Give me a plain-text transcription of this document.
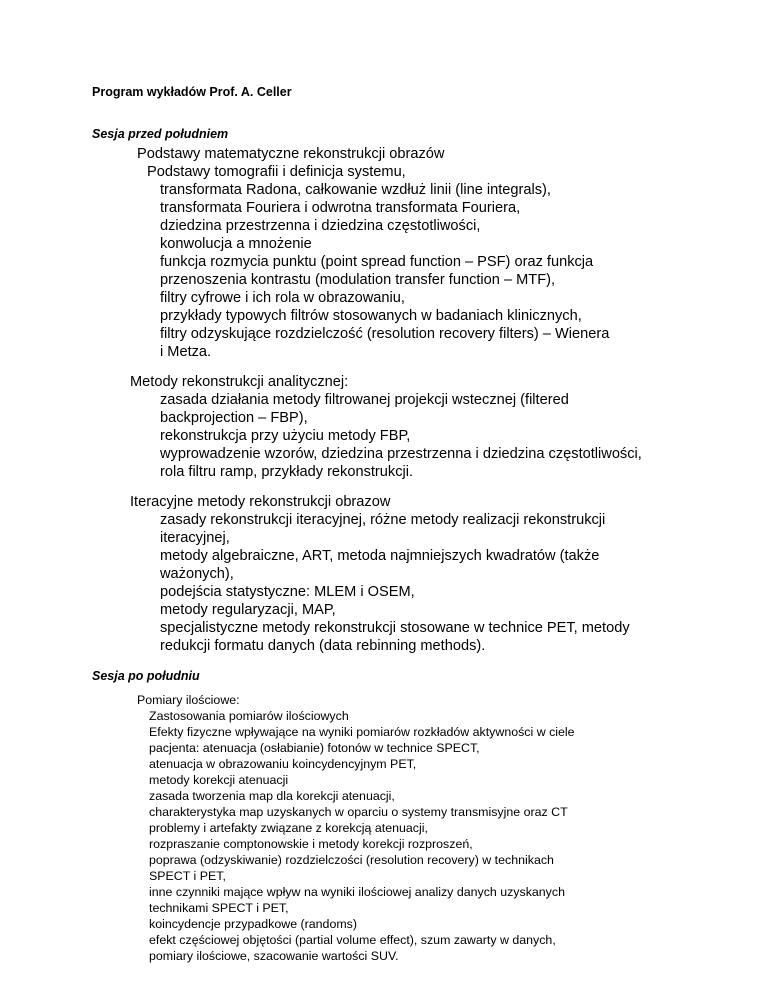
Program wykładów Prof. A. Celler
Sesja przed południem
Podstawy matematyczne rekonstrukcji obrazów
Podstawy tomografii i definicja systemu,
transformata Radona, całkowanie wzdłuż linii (line integrals),
transformata Fouriera i odwrotna transformata Fouriera,
dziedzina przestrzenna i dziedzina częstotliwości,
konwolucja a mnożenie
funkcja rozmycia punktu (point spread function – PSF) oraz funkcja
przenoszenia kontrastu (modulation transfer function – MTF),
filtry cyfrowe i ich rola w obrazowaniu,
przykłady typowych filtrów stosowanych w badaniach klinicznych,
filtry odzyskujące rozdzielczość (resolution recovery filters) – Wienera
i Metza.
Metody rekonstrukcji analitycznej:
zasada działania metody filtrowanej projekcji wstecznej (filtered
backprojection – FBP),
rekonstrukcja przy użyciu metody FBP,
wyprowadzenie wzorów, dziedzina przestrzenna i dziedzina częstotliwości,
rola filtru ramp, przykłady rekonstrukcji.
Iteracyjne metody rekonstrukcji obrazow
zasady rekonstrukcji iteracyjnej, różne metody realizacji rekonstrukcji
iteracyjnej,
metody algebraiczne, ART, metoda najmniejszych kwadratów (także
ważonych),
podejścia statystyczne: MLEM i OSEM,
metody regularyzacji, MAP,
specjalistyczne metody rekonstrukcji stosowane w technice PET, metody
redukcji formatu danych (data rebinning methods).
Sesja po południu
Pomiary ilościowe:
Zastosowania pomiarów ilościowych
Efekty fizyczne wpływające na wyniki pomiarów rozkładów aktywności w ciele
pacjenta: atenuacja (osłabianie) fotonów w technice SPECT,
atenuacja w obrazowaniu koincydencyjnym PET,
metody korekcji atenuacji
zasada tworzenia map dla korekcji atenuacji,
charakterystyka map uzyskanych w oparciu o systemy transmisyjne oraz CT
problemy i artefakty związane z korekcją atenuacji,
rozpraszanie comptonowskie i metody korekcji rozproszeń,
poprawa (odzyskiwanie) rozdzielczości (resolution recovery) w technikach
SPECT i PET,
inne czynniki mające wpływ na wyniki ilościowej analizy danych uzyskanych
technikami SPECT i PET,
koincydencje przypadkowe (randoms)
efekt częściowej objętości (partial volume effect), szum zawarty w danych,
pomiary ilościowe, szacowanie wartości SUV.
